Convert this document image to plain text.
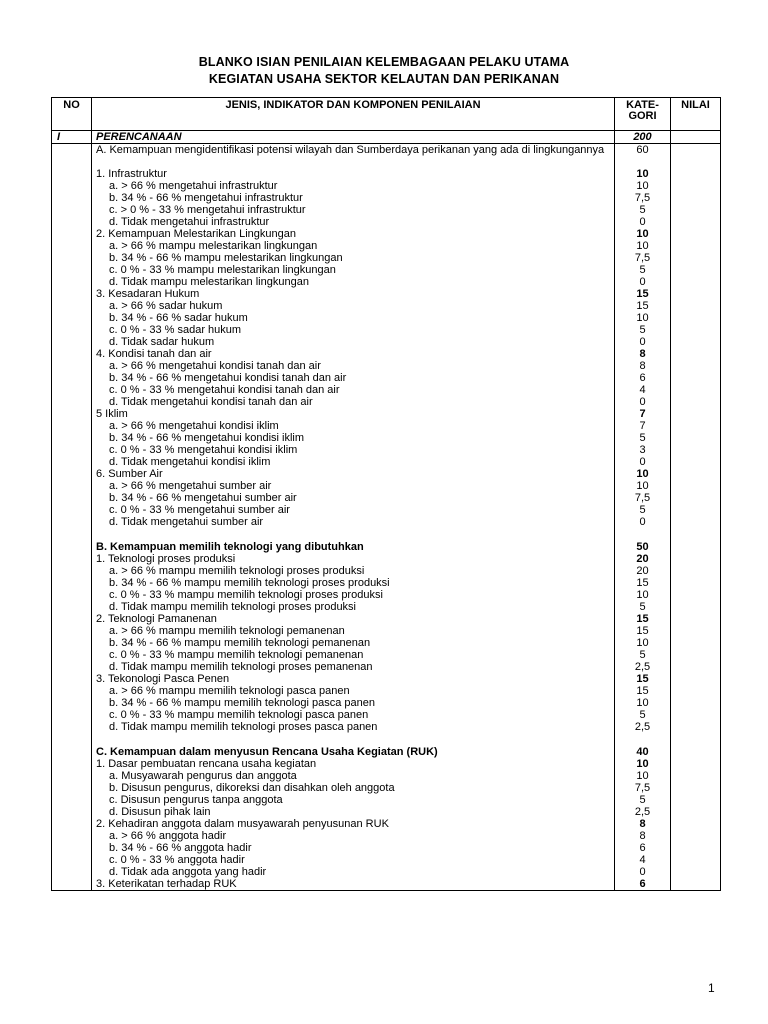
BLANKO ISIAN PENILAIAN KELEMBAGAAN PELAKU UTAMA
KEGIATAN USAHA SEKTOR KELAUTAN DAN PERIKANAN
NO	JENIS, INDIKATOR DAN KOMPONEN PENILAIAN	KATE-GORI	NILAI
I	PERENCANAAN	200	
	A. Kemampuan mengidentifikasi potensi wilayah dan Sumberdaya perikanan yang ada di lingkungannya	60	
	1. Infrastruktur	10	
	a. > 66 % mengetahui infrastruktur	10	
	b. 34 % - 66 % mengetahui infrastruktur	7,5	
	c. > 0 % - 33 % mengetahui infrastruktur	5	
	d. Tidak mengetahui infrastruktur	0	
	2. Kemampuan Melestarikan Lingkungan	10	
	a. > 66 % mampu melestarikan lingkungan	10	
	b. 34 % - 66 % mampu melestarikan lingkungan	7,5	
	c. 0 % - 33 % mampu melestarikan lingkungan	5	
	d. Tidak mampu melestarikan lingkungan	0	
	3. Kesadaran Hukum	15	
	a. > 66 % sadar hukum	15	
	b. 34 % - 66 % sadar hukum	10	
	c. 0 % - 33 % sadar hukum	5	
	d. Tidak sadar hukum	0	
	4. Kondisi tanah dan air	8	
	a. > 66 % mengetahui kondisi tanah dan air	8	
	b. 34 % - 66 % mengetahui kondisi tanah dan air	6	
	c. 0 % - 33 % mengetahui kondisi tanah dan air	4	
	d. Tidak mengetahui kondisi tanah dan air	0	
	5 Iklim	7	
	a. > 66 % mengetahui kondisi iklim	7	
	b. 34 % - 66 % mengetahui kondisi iklim	5	
	c. 0 % - 33 % mengetahui kondisi iklim	3	
	d. Tidak mengetahui kondisi iklim	0	
	6. Sumber Air	10	
	a. > 66 % mengetahui sumber air	10	
	b. 34 % - 66 % mengetahui sumber air	7,5	
	c. 0 % - 33 % mengetahui sumber air	5	
	d. Tidak mengetahui sumber air	0	

	B. Kemampuan memilih teknologi yang dibutuhkan	50	
	1. Teknologi proses produksi	20	
	a. > 66 % mampu memilih teknologi proses produksi	20	
	b. 34 % - 66 % mampu memilih teknologi proses produksi	15	
	c. 0 % - 33 % mampu memilih teknologi proses produksi	10	
	d. Tidak mampu memilih teknologi proses produksi	5	
	2. Teknologi Pamanenan	15	
	a. > 66 % mampu memilih teknologi pemanenan	15	
	b. 34 % - 66 % mampu memilih teknologi pemanenan	10	
	c. 0 % - 33 % mampu memilih teknologi pemanenan	5	
	d. Tidak mampu memilih teknologi proses pemanenan	2,5	
	3. Tekonologi Pasca Penen	15	
	a. > 66 % mampu memilih teknologi pasca panen	15	
	b. 34 % - 66 % mampu memilih teknologi pasca panen	10	
	c. 0 % - 33 % mampu memilih teknologi pasca panen	5	
	d. Tidak mampu memilih teknologi proses pasca panen	2,5	

	C. Kemampuan dalam menyusun Rencana Usaha Kegiatan (RUK)	40	
	1. Dasar pembuatan rencana usaha kegiatan	10	
	a. Musyawarah pengurus dan anggota	10	
	b. Disusun pengurus, dikoreksi dan disahkan oleh anggota	7,5	
	c. Disusun pengurus tanpa anggota	5	
	d. Disusun pihak lain	2,5	
	2. Kehadiran anggota dalam musyawarah penyusunan RUK	8	
	a. > 66 % anggota hadir	8	
	b. 34 % - 66 % anggota hadir	6	
	c. 0 % - 33 % anggota hadir	4	
	d. Tidak ada anggota yang hadir	0	
	3. Keterikatan terhadap RUK	6	
1
